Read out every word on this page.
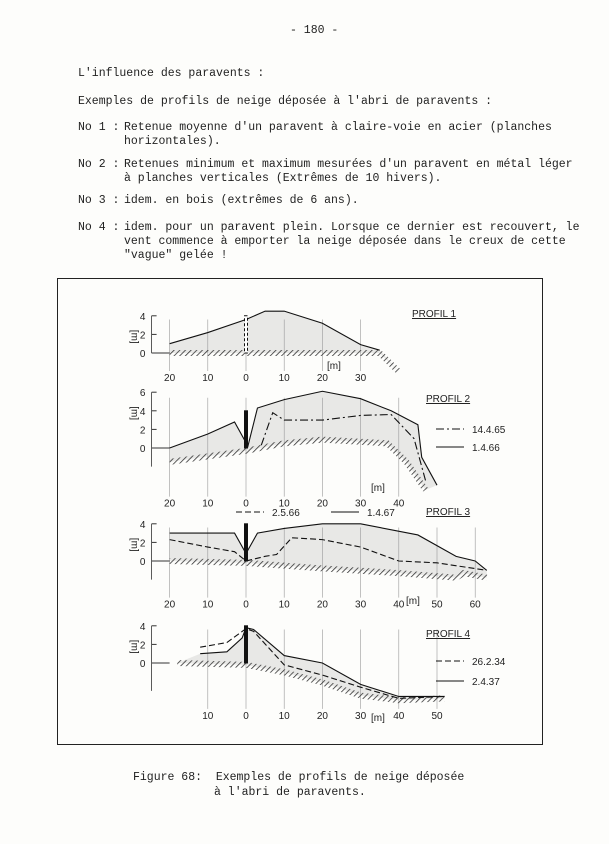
- 180 -
L'influence des paravents :
Exemples de profils de neige déposée à l'abri de paravents :
No 1 : Retenue moyenne d'un paravent à claire-voie en acier (planches
horizontales).
No 2 : Retenues minimum et maximum mesurées d'un paravent en métal léger
à planches verticales (Extrêmes de 10 hivers).
No 3 : idem. en bois (extrêmes de 6 ans).
No 4 : idem. pour un paravent plein. Lorsque ce dernier est recouvert, le
vent commence à emporter la neige déposée dans le creux de cette
"vague" gelée !
0
2
4
[m]
20	10	0	10	20	30
[m]
PROFIL 1
0
2
4
6
[m]
14.4.65
1.4.66
20	10	0	10	20	30	40
[m]
PROFIL 2
0
2
4
[m]
2.5.66	1.4.67
20	10	0	10	20	30	40	50	60
[m]
PROFIL 3
0
2
4
[m]
26.2.34
2.4.37
10	0	10	20	30	40	50
[m]
PROFIL 4
Figure 68:  Exemples de profils de neige déposée
à l'abri de paravents.
